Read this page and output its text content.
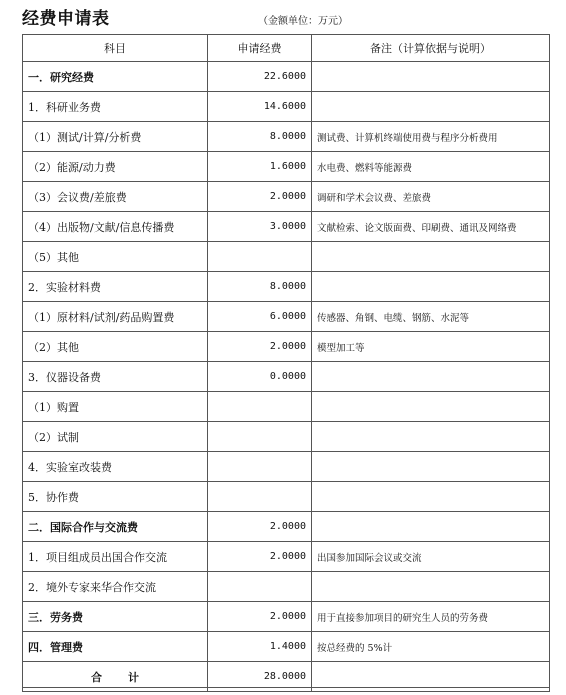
经费申请表	（金额单位：万元）
科目	申请经费	备注（计算依据与说明）
一．研究经费	22.6000	
1．科研业务费	14.6000	
（1）测试/计算/分析费	8.0000	测试费、计算机终端使用费与程序分析费用
（2）能源/动力费	1.6000	水电费、燃料等能源费
（3）会议费/差旅费	2.0000	调研和学术会议费、差旅费
（4）出版物/文献/信息传播费	3.0000	文献检索、论文版面费、印刷费、通讯及网络费
（5）其他		
2．实验材料费	8.0000	
（1）原材料/试剂/药品购置费	6.0000	传感器、角钢、电缆、钢筋、水泥等
（2）其他	2.0000	模型加工等
3．仪器设备费	0.0000	
（1）购置		
（2）试制		
4．实验室改装费		
5．协作费		
二．国际合作与交流费	2.0000	
1．项目组成员出国合作交流	2.0000	出国参加国际会议或交流
2．境外专家来华合作交流		
三．劳务费	2.0000	用于直接参加项目的研究生人员的劳务费
四．管理费	1.4000	按总经费的 5%计
合计	28.0000	
